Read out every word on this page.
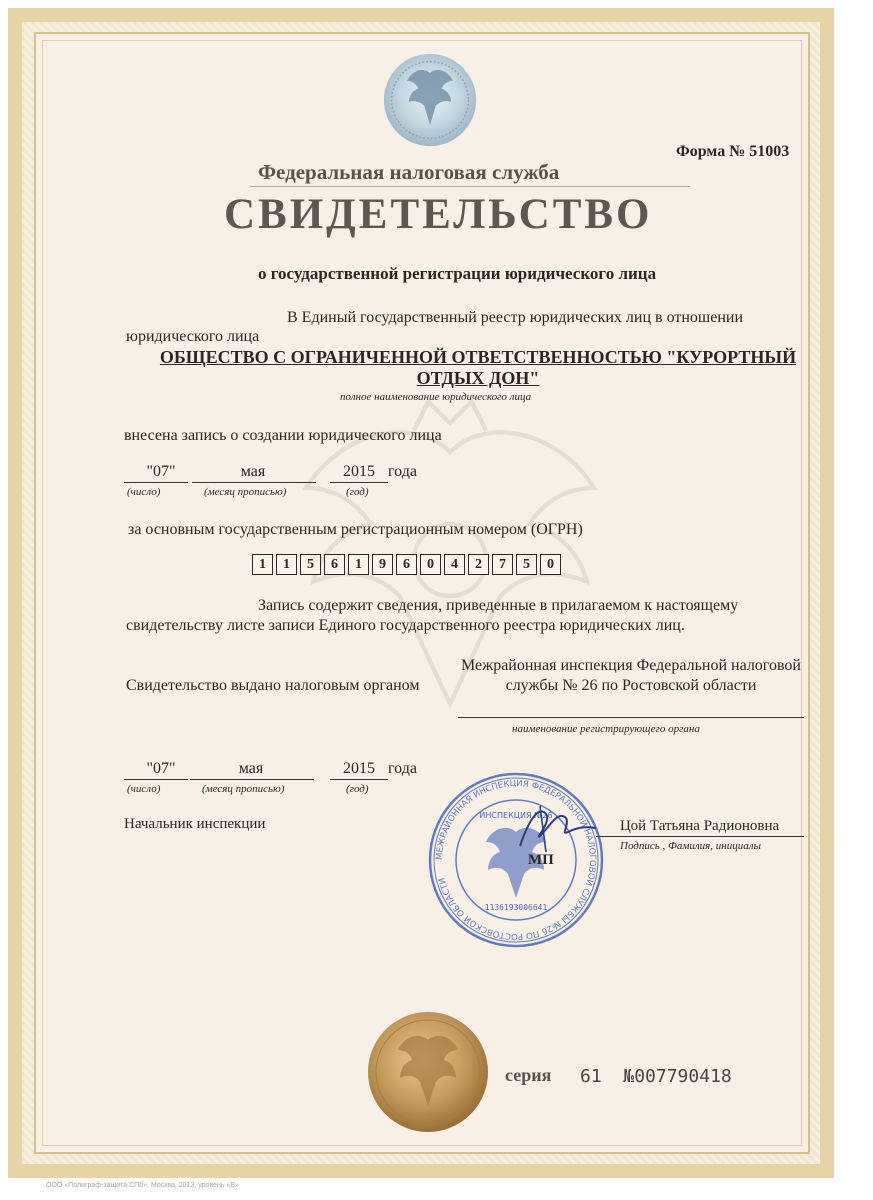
Форма № 51003
Федеральная налоговая служба
СВИДЕТЕЛЬСТВО
о государственной регистрации юридического лица
В Единый государственный реестр юридических лиц в отношении
юридического лица
ОБЩЕСТВО С ОГРАНИЧЕННОЙ ОТВЕТСТВЕННОСТЬЮ "КУРОРТНЫЙ ОТДЫХ ДОН"
полное наименование юридического лица
внесена запись о создании юридического лица
"07"	мая	2015 года
(число)	(месяц прописью)	(год)
за основным государственным регистрационным номером (ОГРН)
1	1	5	6	1	9	6	0	4	2	7	5	0
Запись содержит сведения, приведенные в прилагаемом к настоящему
свидетельству листе записи Единого государственного реестра юридических лиц.
Свидетельство выдано налоговым органом
Межрайонная инспекция Федеральной налоговой службы № 26 по Ростовской области
наименование регистрирующего органа
"07"	мая	2015 года
(число)	(месяц прописью)	(год)
Начальник инспекции
МЕЖРАЙОННАЯ ИНСПЕКЦИЯ ФЕДЕРАЛЬНОЙ НАЛОГОВОЙ СЛУЖБЫ №26 ПО РОСТОВСКОЙ ОБЛАСТИ
ИНСПЕКЦИЯ №26
1136193006641
МП
Цой Татьяна Радионовна
Подпись , Фамилия, инициалы
серия 61 №007790418
ООО «Полиграф-защита СПб», Москва, 2013, уровень «В»
